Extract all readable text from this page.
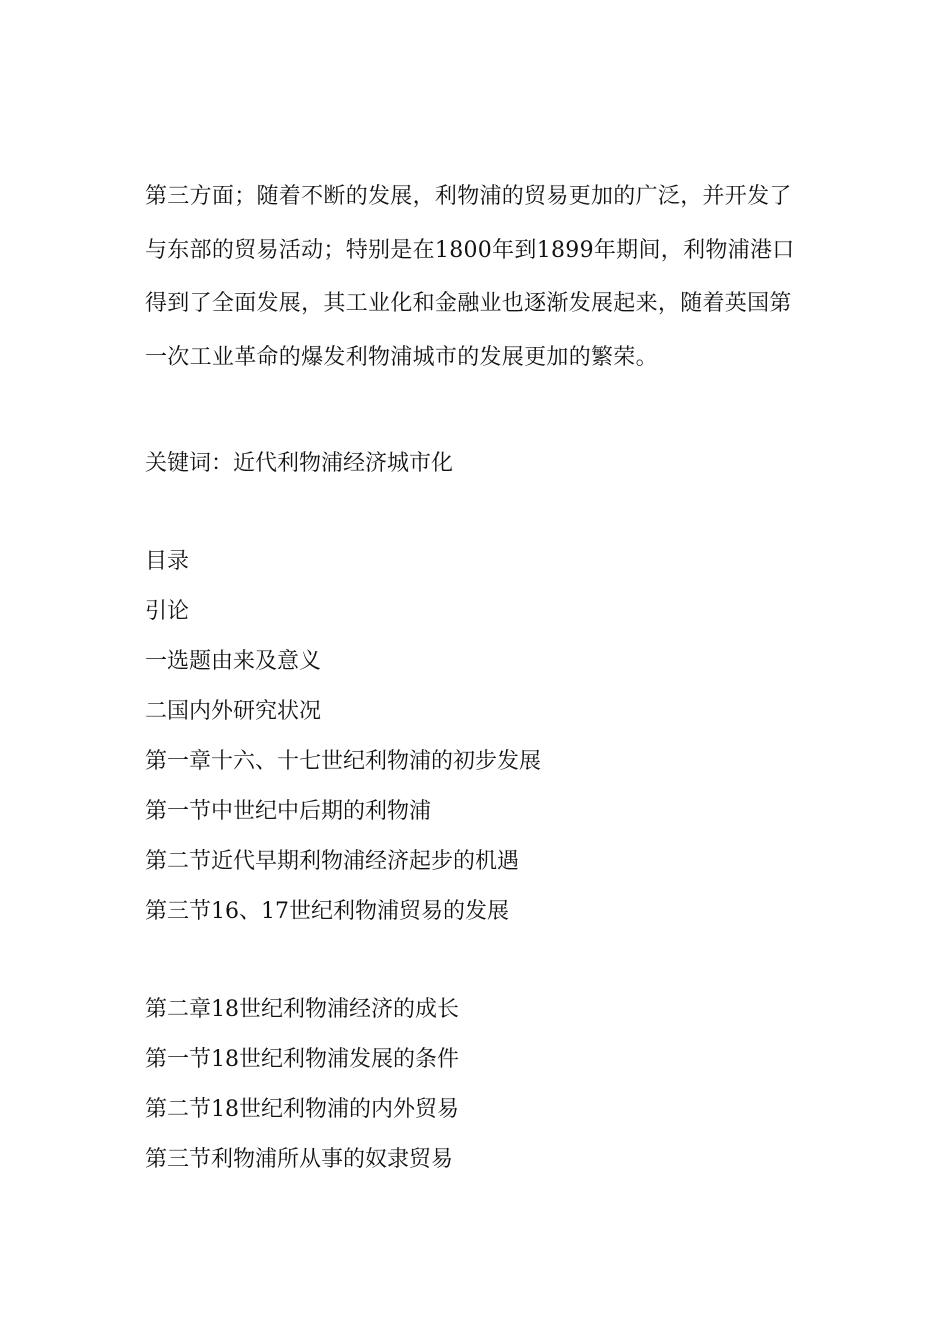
第三方面；随着不断的发展，利物浦的贸易更加的广泛，并开发了与东部的贸易活动；特别是在1800年到1899年期间，利物浦港口得到了全面发展，其工业化和金融业也逐渐发展起来，随着英国第一次工业革命的爆发利物浦城市的发展更加的繁荣。

关键词：近代利物浦经济城市化
目录
引论
一选题由来及意义
二国内外研究状况
第一章十六、十七世纪利物浦的初步发展
第一节中世纪中后期的利物浦
第二节近代早期利物浦经济起步的机遇
第三节16、17世纪利物浦贸易的发展
第二章18世纪利物浦经济的成长
第一节18世纪利物浦发展的条件
第二节18世纪利物浦的内外贸易
第三节利物浦所从事的奴隶贸易
